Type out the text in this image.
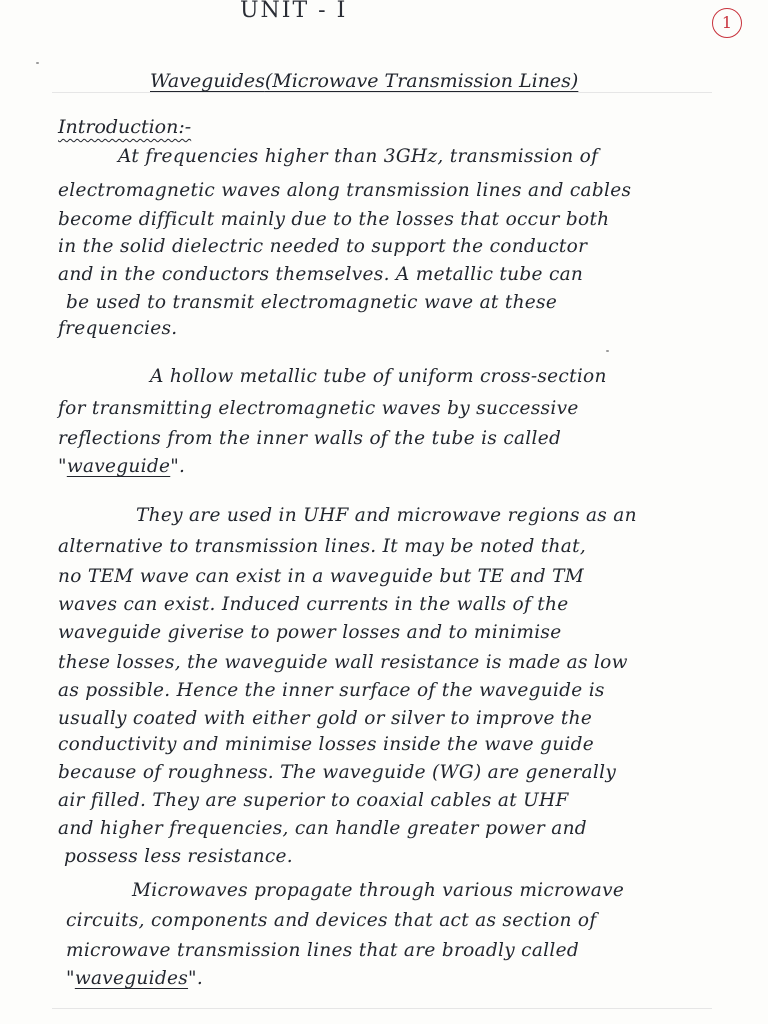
UNIT - I	1
Waveguides(Microwave Transmission Lines)
Introduction:-
At frequencies higher than 3GHz, transmission of
electromagnetic waves along transmission lines and cables
become difficult mainly due to the losses that occur both
in the solid dielectric needed to support the conductor
and in the conductors themselves. A metallic tube can
be used to transmit electromagnetic wave at these
frequencies.
A hollow metallic tube of uniform cross-section
for transmitting electromagnetic waves by successive
reflections from the inner walls of the tube is called
"waveguide".
They are used in UHF and microwave regions as an
alternative to transmission lines. It may be noted that,
no TEM wave can exist in a waveguide but TE and TM
waves can exist. Induced currents in the walls of the
waveguide giverise to power losses and to minimise
these losses, the waveguide wall resistance is made as low
as possible. Hence the inner surface of the waveguide is
usually coated with either gold or silver to improve the
conductivity and minimise losses inside the wave guide
because of roughness. The waveguide (WG) are generally
air filled. They are superior to coaxial cables at UHF
and higher frequencies, can handle greater power and
possess less resistance.
Microwaves propagate through various microwave
circuits, components and devices that act as section of
microwave transmission lines that are broadly called
"waveguides".
